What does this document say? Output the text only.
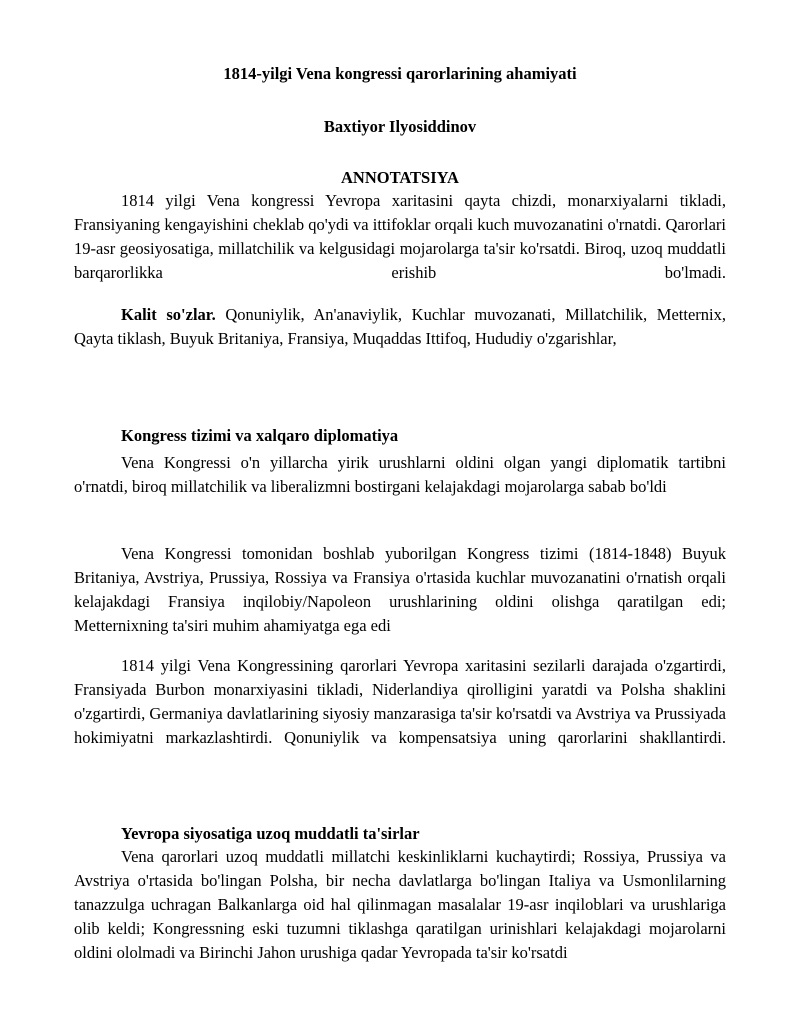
1814-yilgi Vena kongressi qarorlarining ahamiyati
Baxtiyor Ilyosiddinov
ANNOTATSIYA

1814 yilgi Vena kongressi Yevropa xaritasini qayta chizdi, monarxiyalarni tikladi, Fransiyaning kengayishini cheklab qo'ydi va ittifoklar orqali kuch muvozanatini o'rnatdi. Qarorlari 19-asr geosiyosatiga, millatchilik va kelgusidagi mojarolarga ta'sir ko'rsatdi. Biroq, uzoq muddatli barqarorlikka erishib bo'lmadi.

Kalit so'zlar. Qonuniylik, An'anaviylik, Kuchlar muvozanati, Millatchilik, Metternix, Qayta tiklash, Buyuk Britaniya, Fransiya, Muqaddas Ittifoq, Hududiy o'zgarishlar,

Kongress tizimi va xalqaro diplomatiya

Vena Kongressi o'n yillarcha yirik urushlarni oldini olgan yangi diplomatik tartibni o'rnatdi, biroq millatchilik va liberalizmni bostirgani kelajakdagi mojarolarga sabab bo'ldi

Vena Kongressi tomonidan boshlab yuborilgan Kongress tizimi (1814-1848) Buyuk Britaniya, Avstriya, Prussiya, Rossiya va Fransiya o'rtasida kuchlar muvozanatini o'rnatish orqali kelajakdagi Fransiya inqilobiy/Napoleon urushlarining oldini olishga qaratilgan edi; Metternixning ta'siri muhim ahamiyatga ega edi

1814 yilgi Vena Kongressining qarorlari Yevropa xaritasini sezilarli darajada o'zgartirdi, Fransiyada Burbon monarxiyasini tikladi, Niderlandiya qirolligini yaratdi va Polsha shaklini o'zgartirdi, Germaniya davlatlarining siyosiy manzarasiga ta'sir ko'rsatdi va Avstriya va Prussiyada hokimiyatni markazlashtirdi. Qonuniylik va kompensatsiya uning qarorlarini shakllantirdi.

Yevropa siyosatiga uzoq muddatli ta'sirlar

Vena qarorlari uzoq muddatli millatchi keskinliklarni kuchaytirdi; Rossiya, Prussiya va Avstriya o'rtasida bo'lingan Polsha, bir necha davlatlarga bo'lingan Italiya va Usmonlilarning tanazzulga uchragan Balkanlarga oid hal qilinmagan masalalar 19-asr inqiloblari va urushlariga olib keldi; Kongressning eski tuzumni tiklashga qaratilgan urinishlari kelajakdagi mojarolarni oldini ololmadi va Birinchi Jahon urushiga qadar Yevropada ta'sir ko'rsatdi
